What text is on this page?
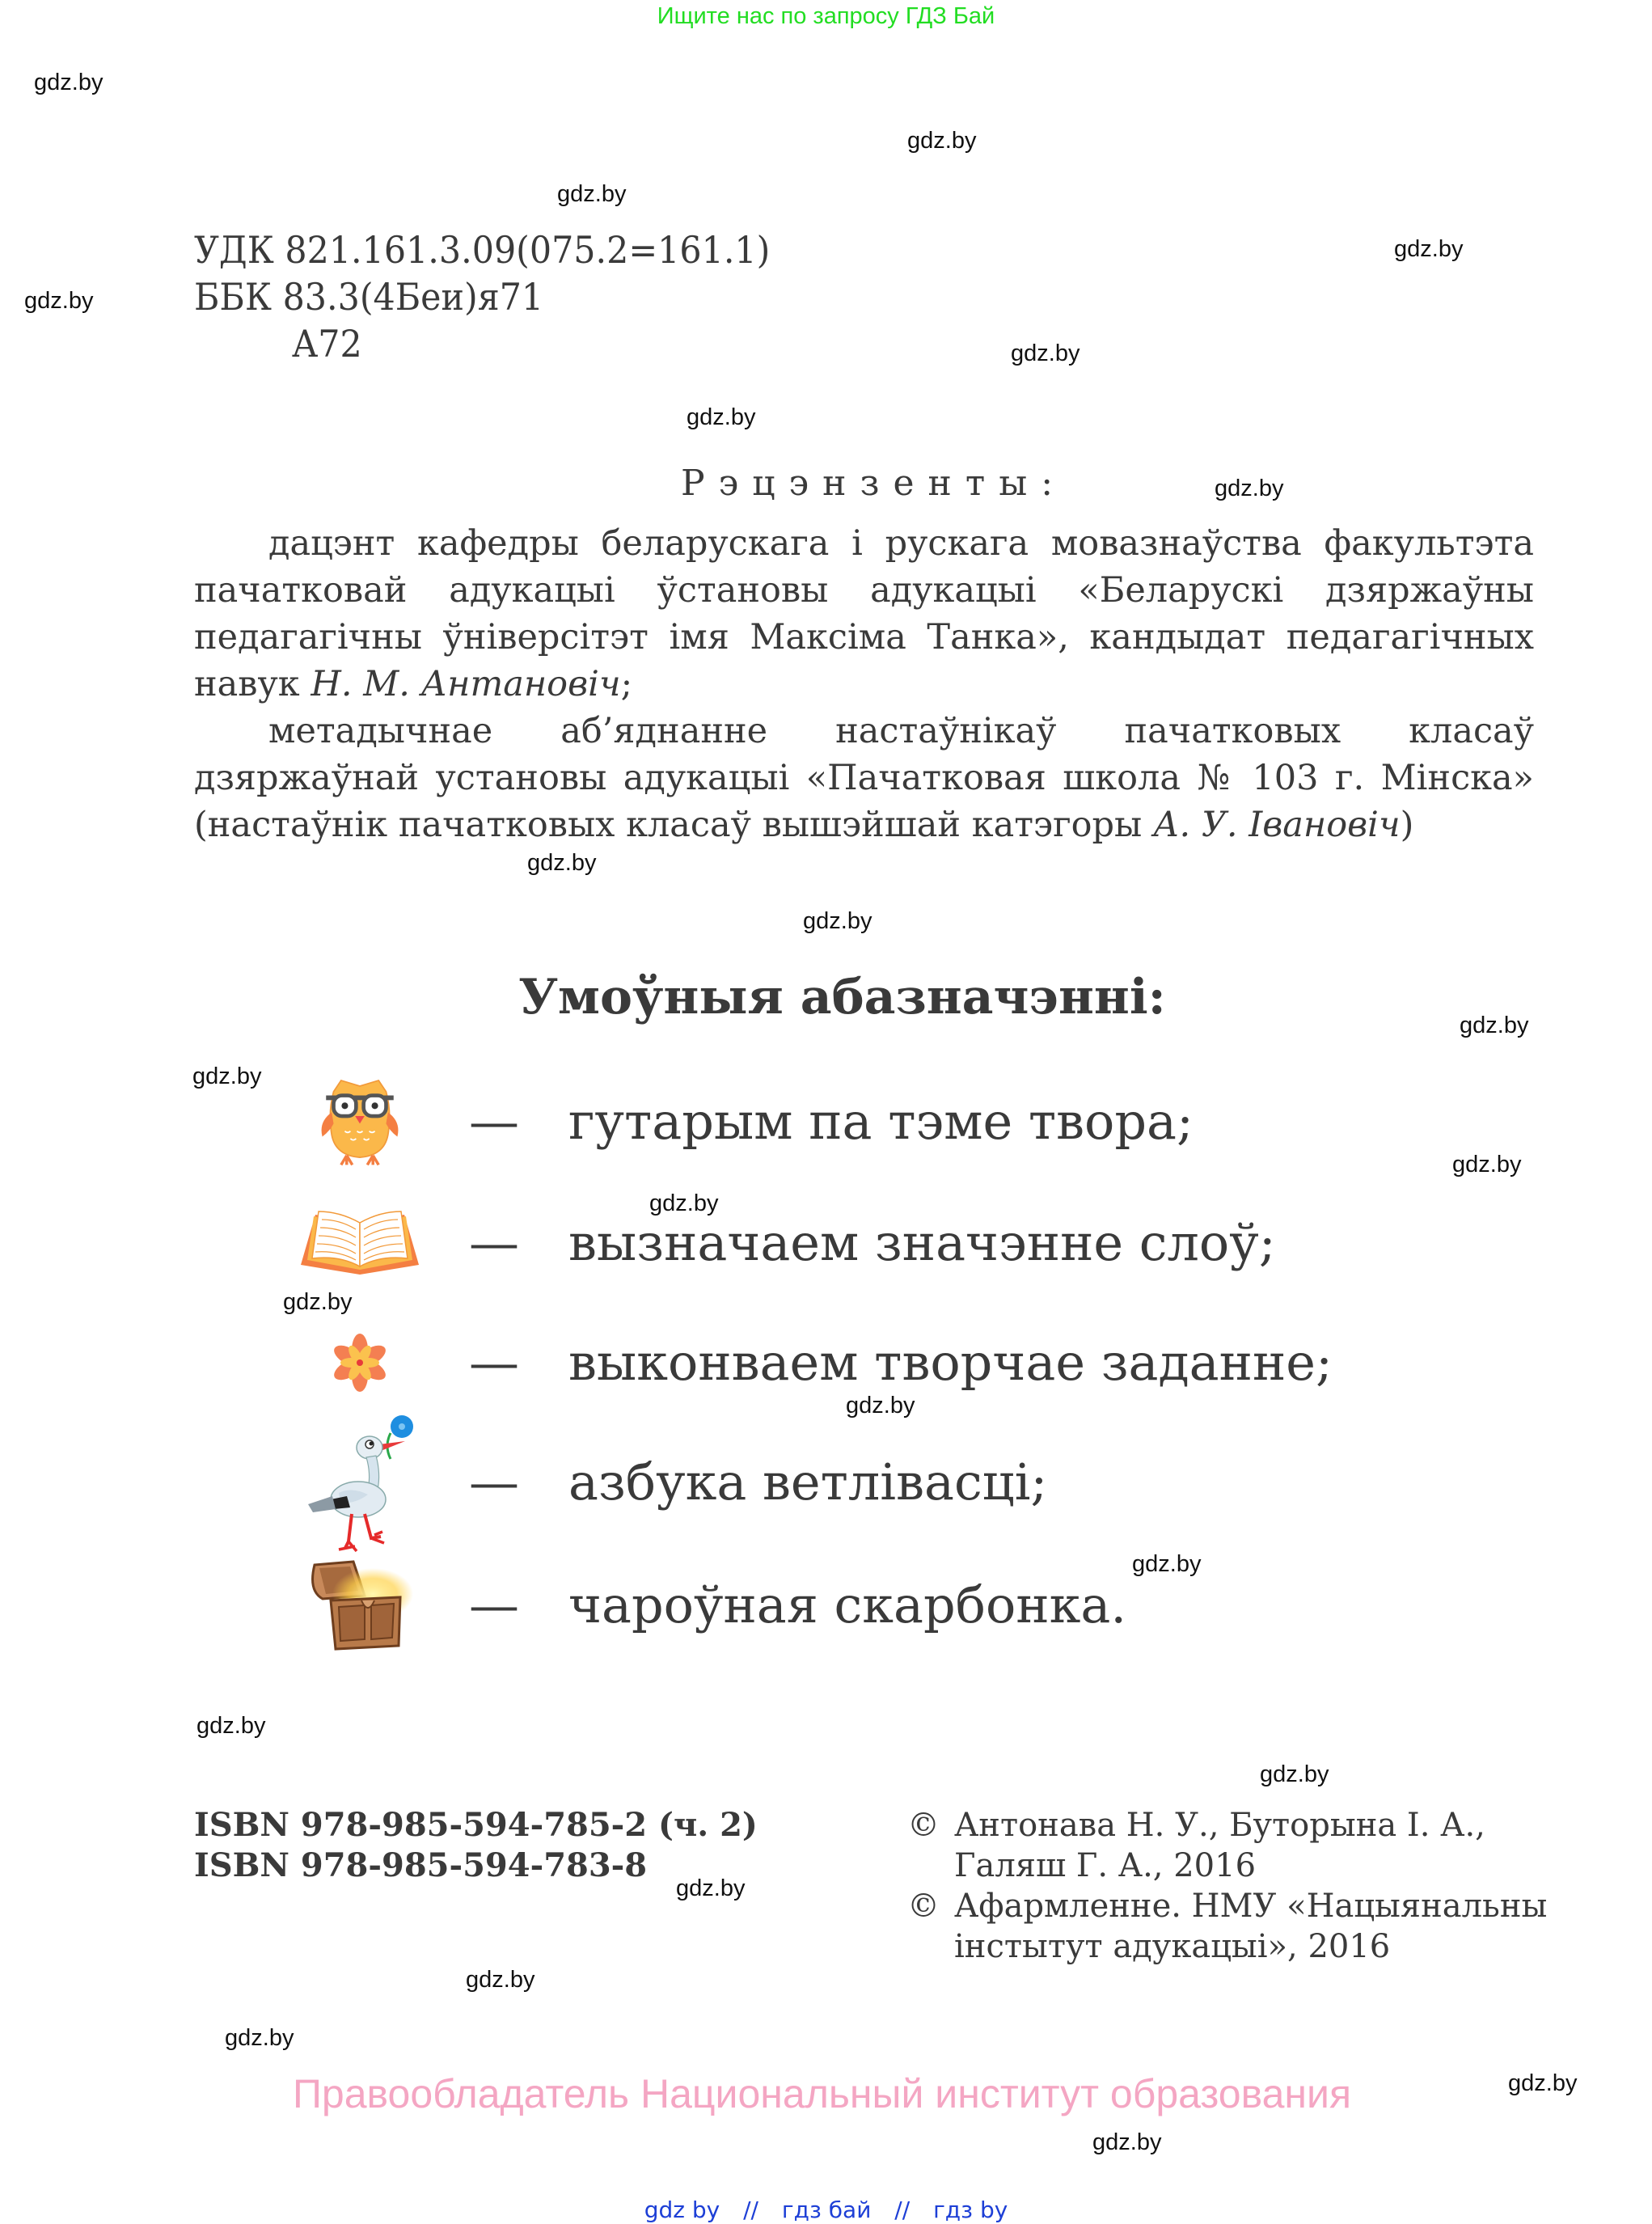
Ищите нас по запросу ГДЗ Бай
УДК 821.161.3.09(075.2=161.1)
ББК 83.3(4Беи)я71
А72
Рэцэнзенты:

дацэнт кафедры беларускага і рускага мовазнаўства факультэта пачатковай адукацыі ўстановы адукацыі «Беларускі дзяржаўны педагагічны ўніверсітэт імя Максіма Танка», кандыдат педагагічных навук Н. М. Антановіч;

метадычнае аб’яднанне настаўнікаў пачатковых класаў дзяржаўнай установы адукацыі «Пачатковая школа № 103 г. Мінска» (настаўнік пачатковых класаў вышэйшай катэгоры А. У. Івановіч)

Умоўныя абазначэнні:
— гутарым па тэме твора;
— вызначаем значэнне слоў;
— выконваем творчае заданне;
— азбука ветлівасці;
— чароўная скарбонка.
ISBN 978-985-594-785-2 (ч. 2)
ISBN 978-985-594-783-8
© Антонава Н. У., Буторына І. А.,
Галяш Г. А., 2016
© Афармленне. НМУ «Нацыянальны
інстытут адукацыі», 2016
Правообладатель Национальный институт образования
gdz by // гдз бай // гдз by
gdz.by
gdz.by
gdz.by
gdz.by
gdz.by
gdz.by
gdz.by
gdz.by
gdz.by
gdz.by
gdz.by
gdz.by
gdz.by
gdz.by
gdz.by
gdz.by
gdz.by
gdz.by
gdz.by
gdz.by
gdz.by
gdz.by
gdz.by
gdz.by
